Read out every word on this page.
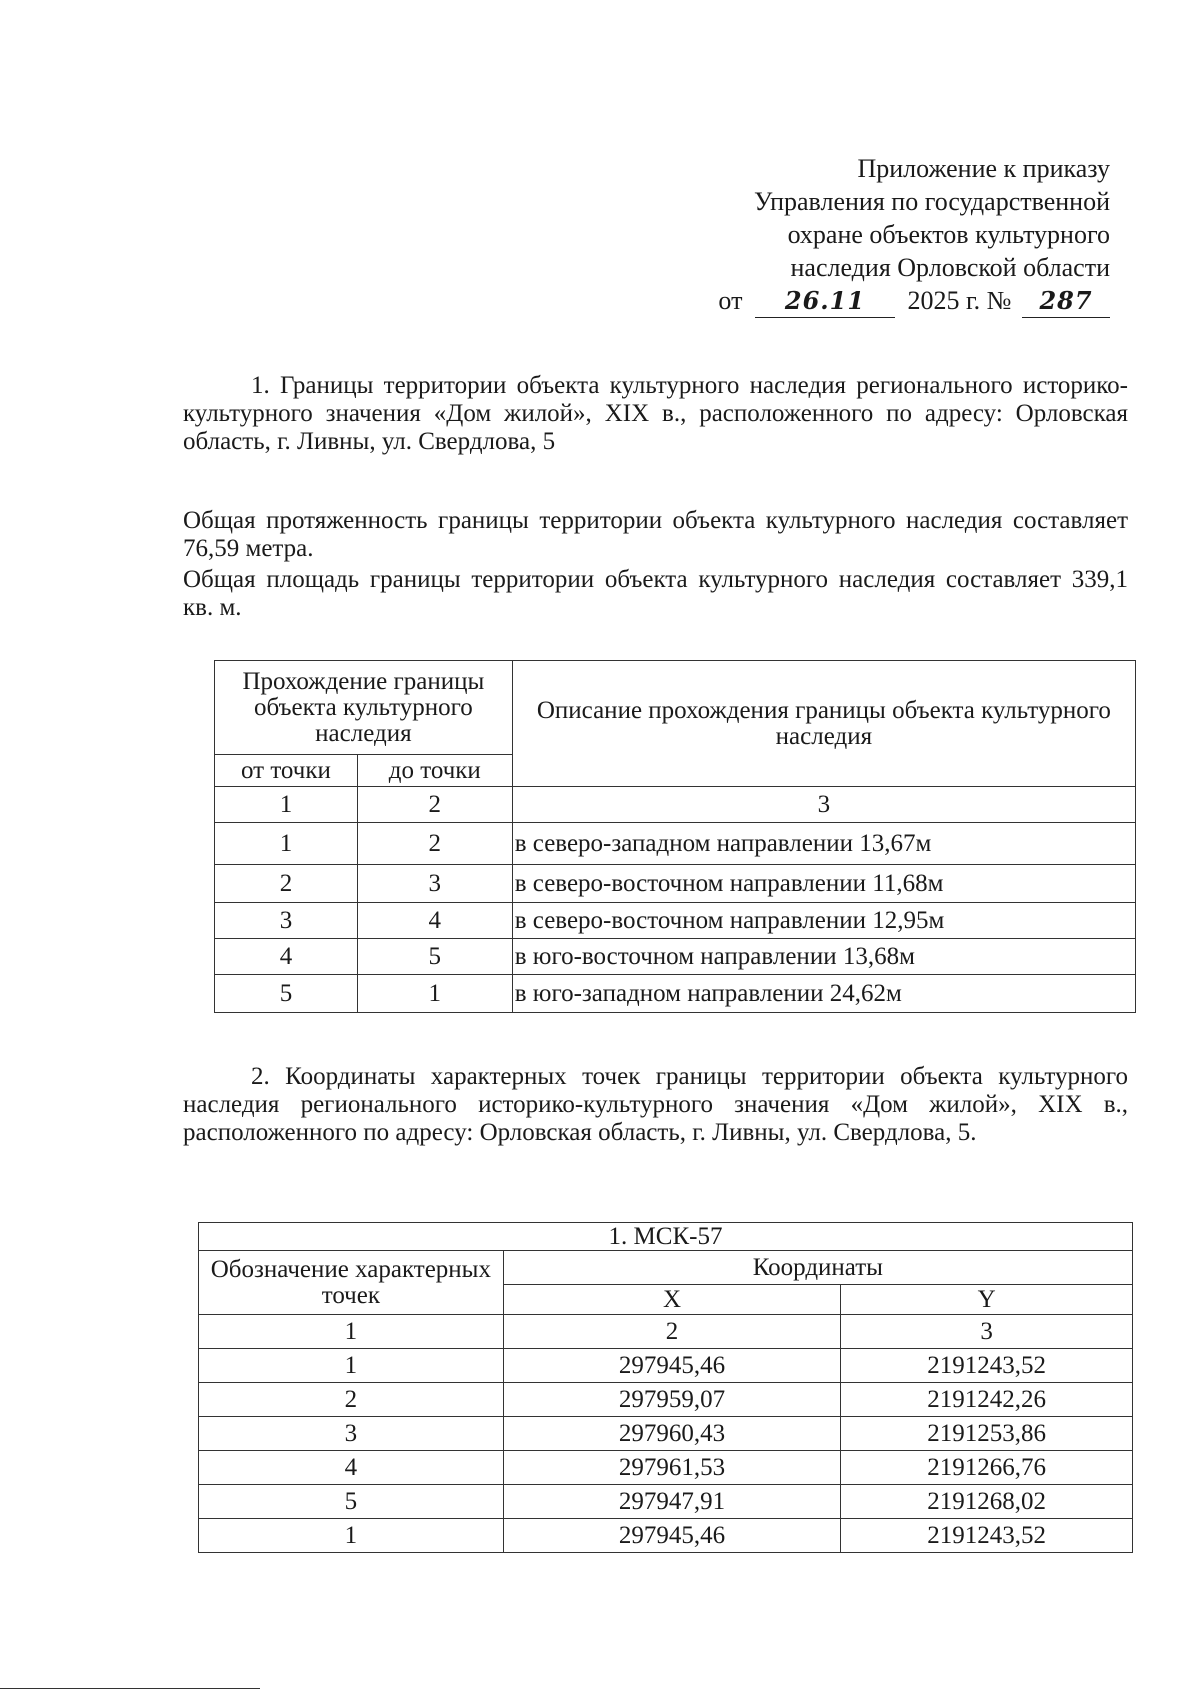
Приложение к приказу
Управления по государственной
охране объектов культурного
наследия Орловской области
от 26.11 2025 г. № 287
1. Границы территории объекта культурного наследия регионального историко-культурного значения «Дом жилой», XIX в., расположенного по адресу: Орловская область, г. Ливны, ул. Свердлова, 5
Общая протяженность границы территории объекта культурного наследия составляет 76,59 метра.
Общая площадь границы территории объекта культурного наследия составляет 339,1 кв. м.
Прохождение границы объекта культурного наследия		Описание прохождения границы объекта культурного наследия
от точки	до точки	
1	2	3
1	2	в северо-западном направлении 13,67м
2	3	в северо-восточном направлении 11,68м
3	4	в северо-восточном направлении 12,95м
4	5	в юго-восточном направлении 13,68м
5	1	в юго-западном направлении 24,62м
2. Координаты характерных точек границы территории объекта культурного наследия регионального историко-культурного значения «Дом жилой», XIX в., расположенного по адресу: Орловская область, г. Ливны, ул. Свердлова, 5.
1. МСК-57		
Обозначение характерных точек	Координаты	
	X	Y
1	2	3
1	297945,46	2191243,52
2	297959,07	2191242,26
3	297960,43	2191253,86
4	297961,53	2191266,76
5	297947,91	2191268,02
1	297945,46	2191243,52
